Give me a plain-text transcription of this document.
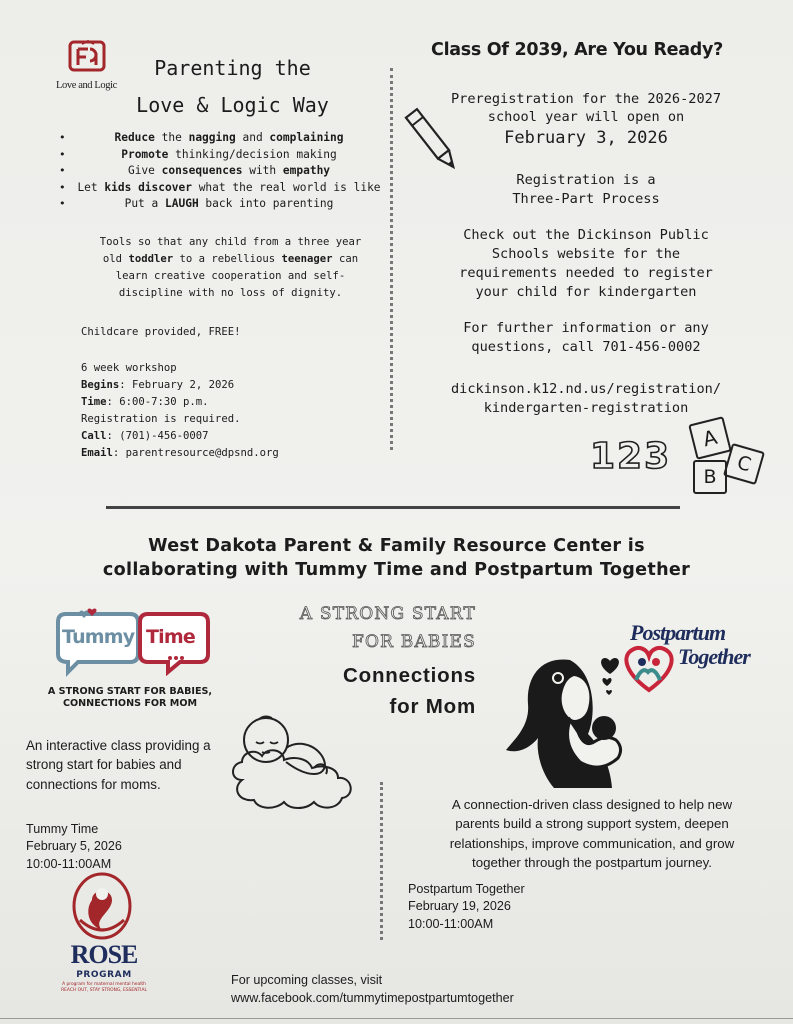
Love and Logic
Parenting the
Love & Logic Way
• Reduce the nagging and complaining
• Promote thinking/decision making
• Give consequences with empathy
• Let kids discover what the real world is like
• Put a LAUGH back into parenting
Tools so that any child from a three year old toddler to a rebellious teenager can learn creative cooperation and self-discipline with no loss of dignity.
Childcare provided, FREE!
6 week workshop
Begins: February 2, 2026
Time: 6:00-7:30 p.m.
Registration is required.
Call: (701)-456-0007
Email: parentresource@dpsnd.org
Class Of 2039, Are You Ready?
Preregistration for the 2026-2027
school year will open on
February 3, 2026
Registration is a
Three-Part Process
Check out the Dickinson Public
Schools website for the
requirements needed to register
your child for kindergarten
For further information or any
questions, call 701-456-0002
dickinson.k12.nd.us/registration/
kindergarten-registration
123	A
B
C
West Dakota Parent & Family Resource Center is
collaborating with Tummy Time and Postpartum Together
Tummy Time
A STRONG START FOR BABIES,
CONNECTIONS FOR MOM
A STRONG START
FOR BABIES
Connections
for Mom
Postpartum
Together
An interactive class providing a strong start for babies and connections for moms.
Tummy Time
February 5, 2026
10:00-11:00AM
A connection-driven class designed to help new
parents build a strong support system, deepen
relationships, improve communication, and grow
together through the postpartum journey.
Postpartum Together
February 19, 2026
10:00-11:00AM
ROSE
PROGRAM
A program for maternal mental health
REACH OUT, STAY STRONG, ESSENTIAL
For upcoming classes, visit
www.facebook.com/tummytimepostpartumtogether
